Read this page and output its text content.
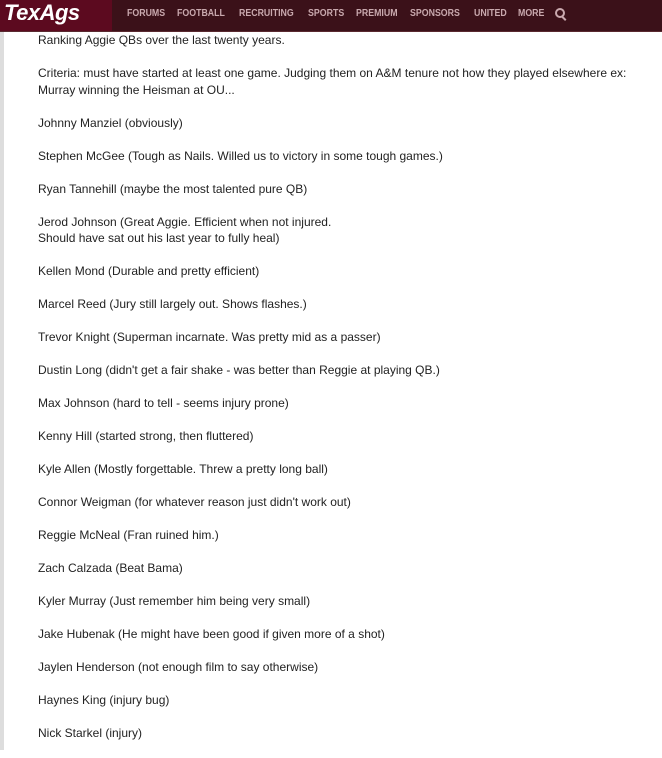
TexAgs	FORUMS FOOTBALL RECRUITING SPORTS PREMIUM SPONSORS UNITED MORE

Ranking Aggie QBs over the last twenty years.

Criteria: must have started at least one game. Judging them on A&M tenure not how they played elsewhere ex: Murray winning the Heisman at OU...

Johnny Manziel (obviously)

Stephen McGee (Tough as Nails. Willed us to victory in some tough games.)

Ryan Tannehill (maybe the most talented pure QB)

Jerod Johnson (Great Aggie. Efficient when not injured.
Should have sat out his last year to fully heal)

Kellen Mond (Durable and pretty efficient)

Marcel Reed (Jury still largely out. Shows flashes.)

Trevor Knight (Superman incarnate. Was pretty mid as a passer)

Dustin Long (didn't get a fair shake - was better than Reggie at playing QB.)

Max Johnson (hard to tell - seems injury prone)

Kenny Hill (started strong, then fluttered)

Kyle Allen (Mostly forgettable. Threw a pretty long ball)

Connor Weigman (for whatever reason just didn't work out)

Reggie McNeal (Fran ruined him.)

Zach Calzada (Beat Bama)

Kyler Murray (Just remember him being very small)

Jake Hubenak (He might have been good if given more of a shot)

Jaylen Henderson (not enough film to say otherwise)

Haynes King (injury bug)

Nick Starkel (injury)
